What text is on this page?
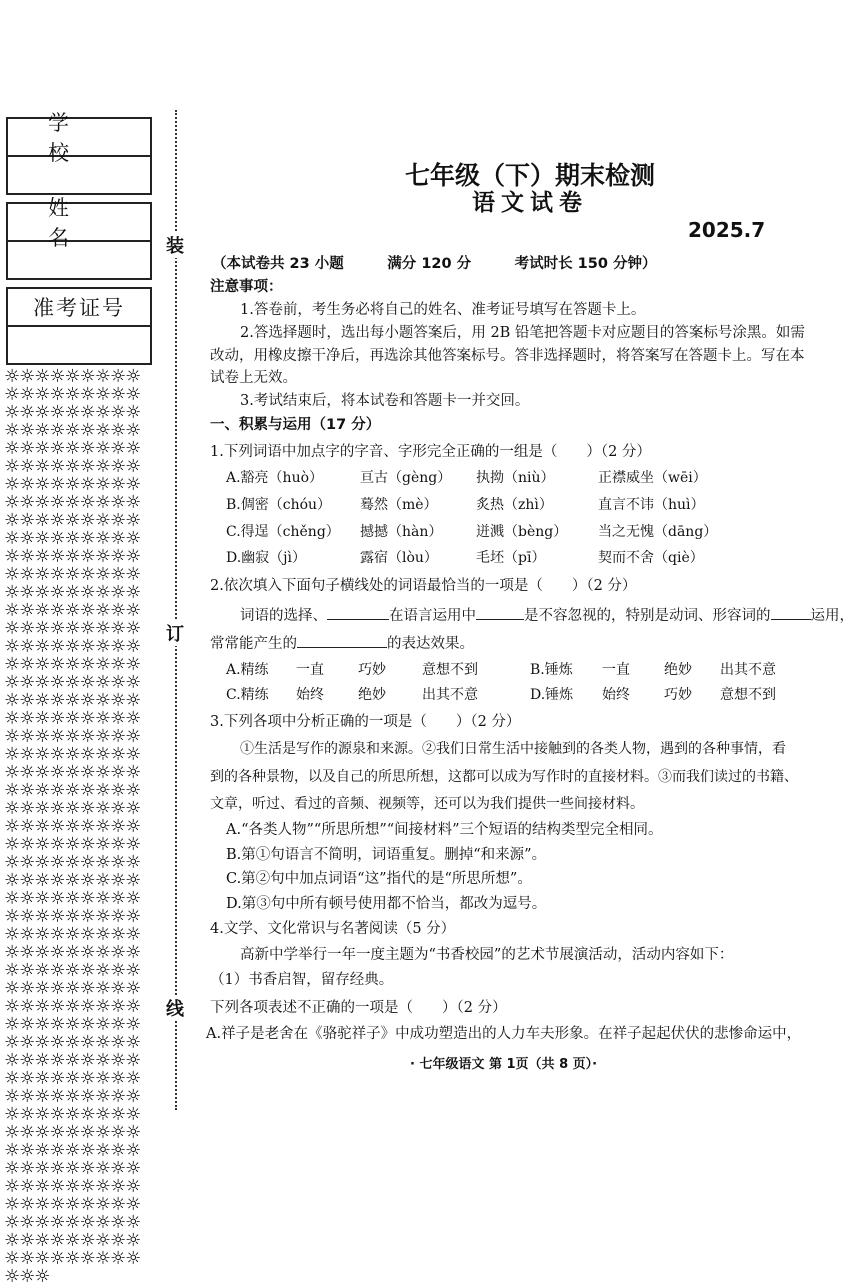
学 校
姓 名
准考证号
☼☼☼☼☼☼☼☼☼☼☼☼☼☼☼☼☼☼☼☼☼☼☼☼☼☼☼☼☼☼☼☼☼☼☼☼☼☼☼☼☼☼☼☼☼☼☼☼☼☼☼☼☼☼☼☼☼☼☼☼☼☼☼☼☼☼☼☼☼☼☼☼☼☼☼☼☼☼☼☼☼☼☼☼☼☼☼☼☼☼☼☼☼☼☼☼☼☼☼☼☼☼☼☼☼☼☼☼☼☼☼☼☼☼☼☼☼☼☼☼☼☼☼☼☼☼☼☼☼☼☼☼☼☼☼☼☼☼☼☼☼☼☼☼☼☼☼☼☼☼☼☼☼☼☼☼☼☼☼☼☼☼☼☼☼☼☼☼☼☼☼☼☼☼☼☼☼☼☼☼☼☼☼☼☼☼☼☼☼☼☼☼☼☼☼☼☼☼☼☼☼☼☼☼☼☼☼☼☼☼☼☼☼☼☼☼☼☼☼☼☼☼☼☼☼☼☼☼☼☼☼☼☼☼☼☼☼☼☼☼☼☼☼☼☼☼☼☼☼☼☼☼☼☼☼☼☼☼☼☼☼☼☼☼☼☼☼☼☼☼☼☼☼☼☼☼☼☼☼☼☼☼☼☼☼☼☼☼☼☼☼☼☼☼☼☼☼☼☼☼☼☼☼☼☼☼☼☼☼☼☼☼☼☼☼☼☼☼☼☼☼☼☼☼☼☼☼☼☼☼☼☼☼☼☼☼☼☼☼☼☼☼☼☼☼☼☼☼☼☼☼☼☼☼☼☼☼☼☼☼☼☼☼☼☼☼☼☼☼☼☼☼☼☼☼☼☼☼☼☼☼☼☼☼☼☼☼☼☼☼☼☼☼☼☼☼☼☼☼☼☼☼☼☼☼☼☼☼☼☼☼☼☼☼☼☼☼☼☼☼☼☼☼☼☼☼☼☼☼☼☼☼☼☼☼☼☼☼☼☼☼☼☼☼☼☼☼☼☼☼☼☼☼
装
订
线
七年级（下）期末检测
语文试卷
2025.7
（本试卷共 23 小题　　　满分 120 分　　　考试时长 150 分钟）
注意事项：
1.答卷前，考生务必将自己的姓名、准考证号填写在答题卡上。
2.答选择题时，选出每小题答案后，用 2B 铅笔把答题卡对应题目的答案标号涂黑。如需
改动，用橡皮擦干净后，再选涂其他答案标号。答非选择题时，将答案写在答题卡上。写在本
试卷上无效。
3.考试结束后，将本试卷和答题卡一并交回。
一、积累与运用（17 分）
1.下列词语中加点字的字音、字形完全正确的一组是（　　）（2 分）
A.豁亮（huò）	亘古（gèng） 执拗（niù）	正襟威坐（wēi）
B.倜密（chóu） 蓦然（mè）	炙热（zhì）	直言不讳（huì）
C.得逞（chěng） 撼撼（hàn） 迸溅（bèng） 当之无愧（dāng）
D.幽寂（jì）	露宿（lòu）	毛坯（pī）	契而不舍（qiè）
2.依次填入下面句子横线处的词语最恰当的一项是（　　）（2 分）
词语的选择、	在语言运用中	是不容忽视的，特别是动词、形容词的	运用，
常常能产生的	的表达效果。
A.精练 一直 巧妙	意想不到	B.锤炼 一直 绝妙 出其不意
C.精练 始终 绝妙	出其不意	D.锤炼 始终 巧妙 意想不到
3.下列各项中分析正确的一项是（　　）（2 分）
①生活是写作的源泉和来源。②我们日常生活中接触到的各类人物，遇到的各种事情，看
到的各种景物，以及自己的所思所想，这都可以成为写作时的直接材料。③而我们读过的书籍、
文章，听过、看过的音频、视频等，还可以为我们提供一些间接材料。
A.“各类人物”“所思所想”“间接材料”三个短语的结构类型完全相同。
B.第①句语言不简明，词语重复。删掉“和来源”。
C.第②句中加点词语“这”指代的是“所思所想”。
D.第③句中所有顿号使用都不恰当，都改为逗号。
4.文学、文化常识与名著阅读（5 分）
高新中学举行一年一度主题为“书香校园”的艺术节展演活动，活动内容如下：
（1）书香启智，留存经典。
下列各项表述不正确的一项是（　　）（2 分）
A.祥子是老舍在《骆驼祥子》中成功塑造出的人力车夫形象。在祥子起起伏伏的悲惨命运中，
· 七年级语文 第 1页（共 8 页）·
